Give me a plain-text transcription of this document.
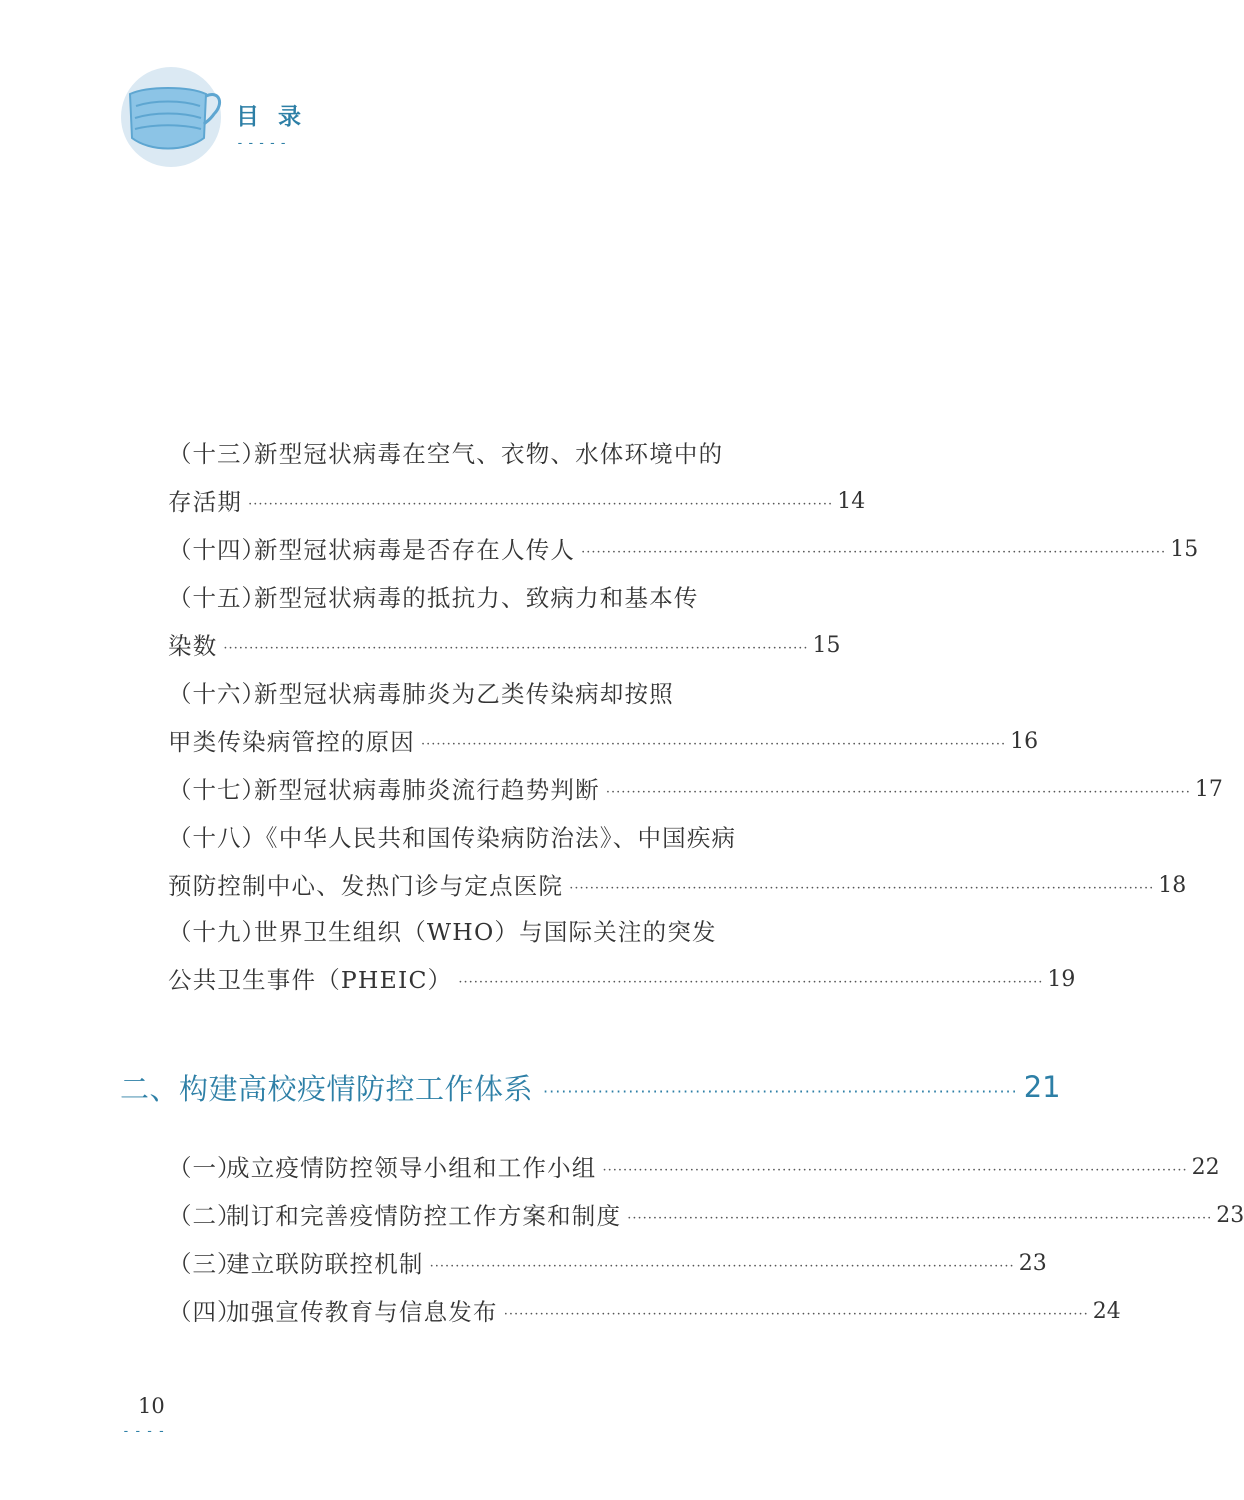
目录
-----
（十三）
新型冠状病毒在空气、衣物、水体环境中的
存活期 ·················································································································· 14
（十四）
新型冠状病毒是否存在人传人 ·················································································································· 15
（十五）
新型冠状病毒的抵抗力、致病力和基本传
染数 ·················································································································· 15
（十六）
新型冠状病毒肺炎为乙类传染病却按照
甲类传染病管控的原因 ·················································································································· 16
（十七）
新型冠状病毒肺炎流行趋势判断 ·················································································································· 17
（十八）
《中华人民共和国传染病防治法》、中国疾病
预防控制中心、发热门诊与定点医院 ·················································································································· 18
（十九）
世界卫生组织（WHO）与国际关注的突发
公共卫生事件（PHEIC） ·················································································································· 19
二、构建高校疫情防控工作体系 ·············································································· 21
（一）
成立疫情防控领导小组和工作小组 ·················································································································· 22
（二）
制订和完善疫情防控工作方案和制度 ·················································································································· 23
（三）
建立联防联控机制 ·················································································································· 23
（四）
加强宣传教育与信息发布 ·················································································································· 24
10
----
